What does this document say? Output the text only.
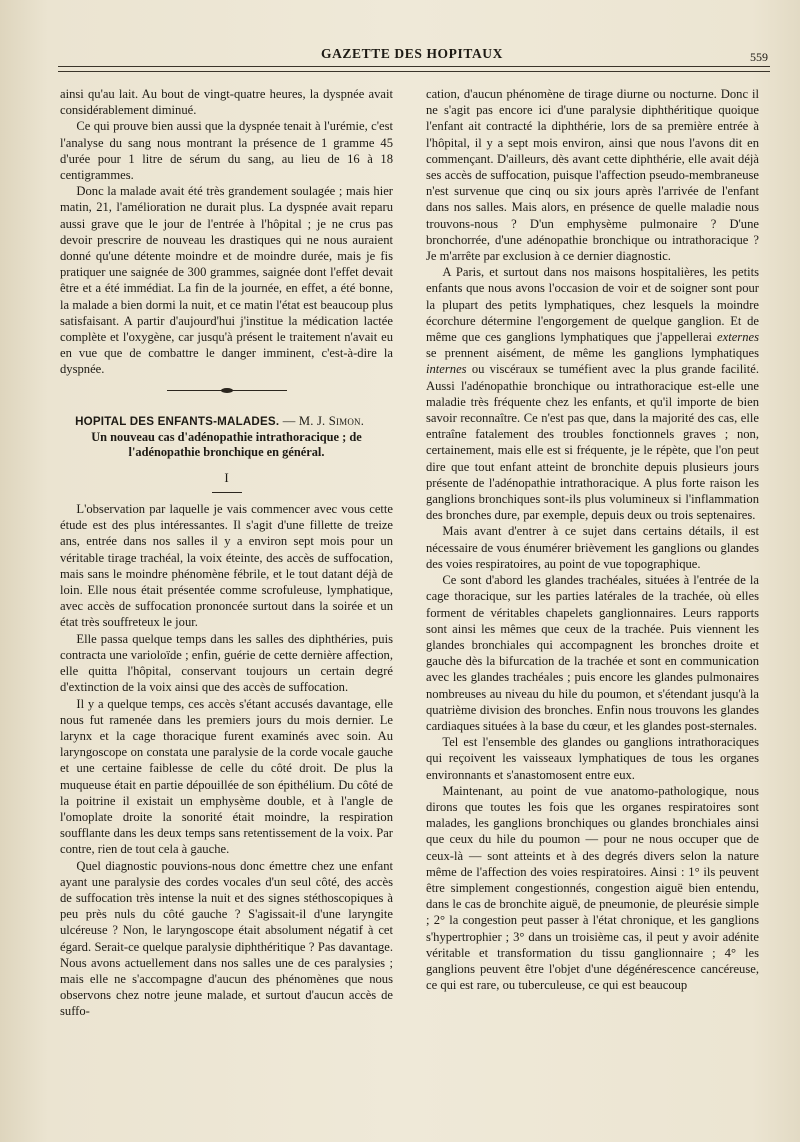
GAZETTE DES HOPITAUX	559

ainsi qu'au lait. Au bout de vingt-quatre heures, la dyspnée avait considérablement diminué.

Ce qui prouve bien aussi que la dyspnée tenait à l'urémie, c'est l'analyse du sang nous montrant la présence de 1 gramme 45 d'urée pour 1 litre de sérum du sang, au lieu de 16 à 18 centigrammes.

Donc la malade avait été très grandement soulagée ; mais hier matin, 21, l'amélioration ne durait plus. La dyspnée avait reparu aussi grave que le jour de l'entrée à l'hôpital ; je ne crus pas devoir prescrire de nouveau les drastiques qui ne nous auraient donné qu'une détente moindre et de moindre durée, mais je fis pratiquer une saignée de 300 grammes, saignée dont l'effet devait être et a été immédiat. La fin de la journée, en effet, a été bonne, la malade a bien dormi la nuit, et ce matin l'état est beaucoup plus satisfaisant. A partir d'aujourd'hui j'institue la médication lactée complète et l'oxygène, car jusqu'à présent le traitement n'avait eu en vue que de combattre le danger imminent, c'est-à-dire la dyspnée.

HOPITAL DES ENFANTS-MALADES. — M. J. Simon.

Un nouveau cas d'adénopathie intrathoracique ; de l'adénopathie bronchique en général.
I

L'observation par laquelle je vais commencer avec vous cette étude est des plus intéressantes. Il s'agit d'une fillette de treize ans, entrée dans nos salles il y a environ sept mois pour un véritable tirage trachéal, la voix éteinte, des accès de suffocation, mais sans le moindre phénomène fébrile, et le tout datant déjà de loin. Elle nous était présentée comme scrofuleuse, lymphatique, avec accès de suffocation prononcée surtout dans la soirée et un état très souffreteux le jour.

Elle passa quelque temps dans les salles des diphthéries, puis contracta une varioloïde ; enfin, guérie de cette dernière affection, elle quitta l'hôpital, conservant toujours un certain degré d'extinction de la voix ainsi que des accès de suffocation.

Il y a quelque temps, ces accès s'étant accusés davantage, elle nous fut ramenée dans les premiers jours du mois dernier. Le larynx et la cage thoracique furent examinés avec soin. Au laryngoscope on constata une paralysie de la corde vocale gauche et une certaine faiblesse de celle du côté droit. De plus la muqueuse était en partie dépouillée de son épithélium. Du côté de la poitrine il existait un emphysème double, et à l'angle de l'omoplate droite la sonorité était moindre, la respiration soufflante dans les deux temps sans retentissement de la voix. Par contre, rien de tout cela à gauche.

Quel diagnostic pouvions-nous donc émettre chez une enfant ayant une paralysie des cordes vocales d'un seul côté, des accès de suffocation très intense la nuit et des signes stéthoscopiques à peu près nuls du côté gauche ? S'agissait-il d'une laryngite ulcéreuse ? Non, le laryngoscope était absolument négatif à cet égard. Serait-ce quelque paralysie diphthéritique ? Pas davantage. Nous avons actuellement dans nos salles une de ces paralysies ; mais elle ne s'accompagne d'aucun des phénomènes que nous observons chez notre jeune malade, et surtout d'aucun accès de suffo-

cation, d'aucun phénomène de tirage diurne ou nocturne. Donc il ne s'agit pas encore ici d'une paralysie diphthéritique quoique l'enfant ait contracté la diphthérie, lors de sa première entrée à l'hôpital, il y a sept mois environ, ainsi que nous l'avons dit en commençant. D'ailleurs, dès avant cette diphthérie, elle avait déjà ses accès de suffocation, puisque l'affection pseudo-membraneuse n'est survenue que cinq ou six jours après l'arrivée de l'enfant dans nos salles. Mais alors, en présence de quelle maladie nous trouvons-nous ? D'un emphysème pulmonaire ? D'une bronchorrée, d'une adénopathie bronchique ou intrathoracique ? Je m'arrête par exclusion à ce dernier diagnostic.

A Paris, et surtout dans nos maisons hospitalières, les petits enfants que nous avons l'occasion de voir et de soigner sont pour la plupart des petits lymphatiques, chez lesquels la moindre écorchure détermine l'engorgement de quelque ganglion. Et de même que ces ganglions lymphatiques que j'appellerai externes se prennent aisément, de même les ganglions lymphatiques internes ou viscéraux se tuméfient avec la plus grande facilité. Aussi l'adénopathie bronchique ou intrathoracique est-elle une maladie très fréquente chez les enfants, et qu'il importe de bien savoir reconnaître. Ce n'est pas que, dans la majorité des cas, elle entraîne fatalement des troubles fonctionnels graves ; non, certainement, mais elle est si fréquente, je le répète, que l'on peut dire que tout enfant atteint de bronchite depuis plusieurs jours présente de l'adénopathie intrathoracique. A plus forte raison les ganglions bronchiques sont-ils plus volumineux si l'inflammation des bronches dure, par exemple, depuis deux ou trois septenaires.

Mais avant d'entrer à ce sujet dans certains détails, il est nécessaire de vous énumérer brièvement les ganglions ou glandes des voies respiratoires, au point de vue topographique.

Ce sont d'abord les glandes trachéales, situées à l'entrée de la cage thoracique, sur les parties latérales de la trachée, où elles forment de véritables chapelets ganglionnaires. Leurs rapports sont ainsi les mêmes que ceux de la trachée. Puis viennent les glandes bronchiales qui accompagnent les bronches droite et gauche dès la bifurcation de la trachée et sont en communication avec les glandes trachéales ; puis encore les glandes pulmonaires nombreuses au niveau du hile du poumon, et s'étendant jusqu'à la quatrième division des bronches. Enfin nous trouvons les glandes cardiaques situées à la base du cœur, et les glandes post-sternales.

Tel est l'ensemble des glandes ou ganglions intrathoraciques qui reçoivent les vaisseaux lymphatiques de tous les organes environnants et s'anastomosent entre eux.

Maintenant, au point de vue anatomo-pathologique, nous dirons que toutes les fois que les organes respiratoires sont malades, les ganglions bronchiques ou glandes bronchiales ainsi que ceux du hile du poumon — pour ne nous occuper que de ceux-là — sont atteints et à des degrés divers selon la nature même de l'affection des voies respiratoires. Ainsi : 1° ils peuvent être simplement congestionnés, congestion aiguë bien entendu, dans le cas de bronchite aiguë, de pneumonie, de pleurésie simple ; 2° la congestion peut passer à l'état chronique, et les ganglions s'hypertrophier ; 3° dans un troisième cas, il peut y avoir adénite véritable et transformation du tissu ganglionnaire ; 4° les ganglions peuvent être l'objet d'une dégénérescence cancéreuse, ce qui est rare, ou tuberculeuse, ce qui est beaucoup
